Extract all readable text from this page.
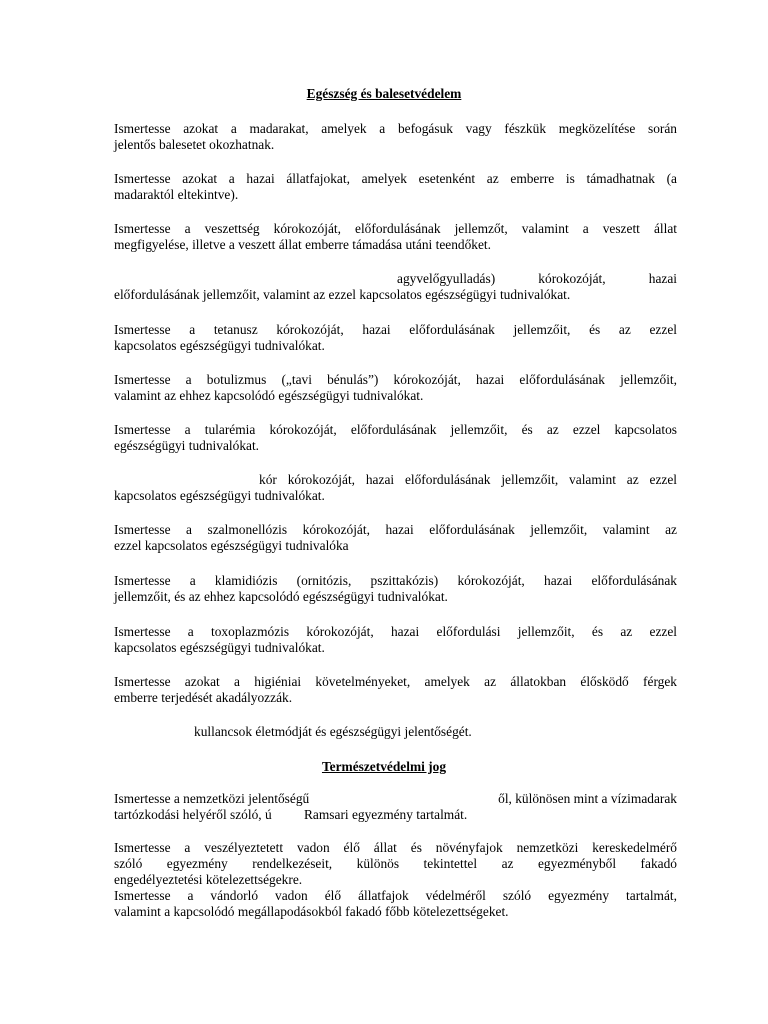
Egészség és balesetvédelem

Ismertesse azokat a madarakat, amelyek a befogásuk vagy fészkük megközelítése során
jelentős balesetet okozhatnak.
Ismertesse azokat a hazai állatfajokat, amelyek esetenként az emberre is támadhatnak (a
madaraktól eltekintve).
Ismertesse a veszettség kórokozóját, előfordulásának jellemzőt, valamint a veszett állat
megfigyelése, illetve a veszett állat emberre támadása utáni teendőket.
agyvelőgyulladás) kórokozóját, hazai
előfordulásának jellemzőit, valamint az ezzel kapcsolatos egészségügyi tudnivalókat.
Ismertesse a tetanusz kórokozóját, hazai előfordulásának jellemzőit, és az ezzel
kapcsolatos egészségügyi tudnivalókat.
Ismertesse a botulizmus („tavi bénulás”) kórokozóját, hazai előfordulásának jellemzőit,
valamint az ehhez kapcsolódó egészségügyi tudnivalókat.
Ismertesse a tularémia kórokozóját, előfordulásának jellemzőit, és az ezzel kapcsolatos
egészségügyi tudnivalókat.
kór kórokozóját, hazai előfordulásának jellemzőit, valamint az ezzel
kapcsolatos egészségügyi tudnivalókat.
Ismertesse a szalmonellózis kórokozóját, hazai előfordulásának jellemzőit, valamint az
ezzel kapcsolatos egészségügyi tudnivalóka
Ismertesse a klamidiózis (ornitózis, pszittakózis) kórokozóját, hazai előfordulásának
jellemzőit, és az ehhez kapcsolódó egészségügyi tudnivalókat.
Ismertesse a toxoplazmózis kórokozóját, hazai előfordulási jellemzőit, és az ezzel
kapcsolatos egészségügyi tudnivalókat.
Ismertesse azokat a higiéniai követelményeket, amelyek az állatokban élősködő férgek
emberre terjedését akadályozzák.

kullancsok életmódját és egészségügyi jelentőségét.

Természetvédelmi jog

Ismertesse a nemzetközi jelentőségű	ől, különösen mint a vízimadarak
tartózkodási helyéről szóló, ú Ramsari egyezmény tartalmát.
Ismertesse a veszélyeztetett vadon élő állat és növényfajok nemzetközi kereskedelmérő
szóló egyezmény rendelkezéseit, különös tekintettel az egyezményből fakadó
engedélyeztetési kötelezettségekre.
Ismertesse a vándorló vadon élő állatfajok védelméről szóló egyezmény tartalmát,
valamint a kapcsolódó megállapodásokból fakadó főbb kötelezettségeket.
